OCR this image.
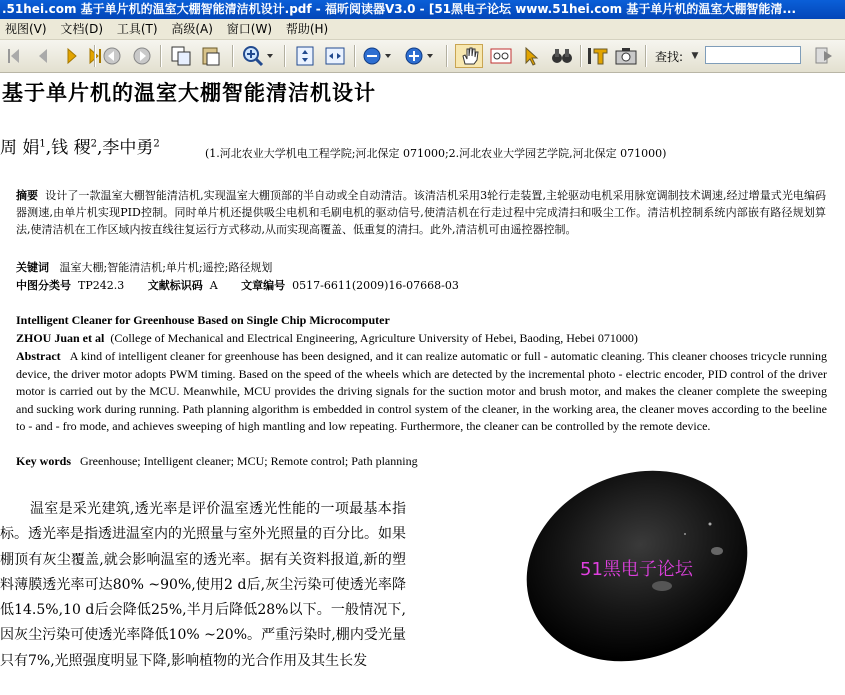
.51hei.com 基于单片机的温室大棚智能清洁机设计.pdf - 福昕阅读器V3.0 - [51黑电子论坛 www.51hei.com 基于单片机的温室大棚智能清...
视图(V) 文档(D) 工具(T) 高级(A) 窗口(W) 帮助(H)
查找: ▼
基于单片机的温室大棚智能清洁机设计
周 娟$^1$,钱 稷$^2$,李中勇$^2$
(1.河北农业大学机电工程学院;河北保定 071000;2.河北农业大学园艺学院,河北保定 071000)
摘要 设计了一款温室大棚智能清洁机,实现温室大棚顶部的半自动或全自动清洁。该清洁机采用3轮行走装置,主轮驱动电机采用脉宽调制技术调速,经过增量式光电编码器测速,由单片机实现PID控制。同时单片机还提供吸尘电机和毛刷电机的驱动信号,使清洁机在行走过程中完成清扫和吸尘工作。清洁机控制系统内部嵌有路径规划算法,使清洁机在工作区域内按直线往复运行方式移动,从而实现高覆盖、低重复的清扫。此外,清洁机可由遥控器控制。
关键词 温室大棚;智能清洁机;单片机;遥控;路径规划
中图分类号 TP242.3 文献标识码 A 文章编号 0517-6611(2009)16-07668-03
Intelligent Cleaner for Greenhouse Based on Single Chip Microcomputer
ZHOU Juan et al (College of Mechanical and Electrical Engineering, Agriculture University of Hebei, Baoding, Hebei 071000)
Abstract A kind of intelligent cleaner for greenhouse has been designed, and it can realize automatic or full - automatic cleaning. This cleaner chooses tricycle running device, the driver motor adopts PWM timing. Based on the speed of the wheels which are detected by the incremental photo - electric encoder, PID control of the driver motor is carried out by the MCU. Meanwhile, MCU provides the driving signals for the suction motor and brush motor, and makes the cleaner complete the sweeping and sucking work during running. Path planning algorithm is embedded in control system of the cleaner, in the working area, the cleaner moves according to the beeline to - and - fro mode, and achieves sweeping of high mantling and low repeating. Furthermore, the cleaner can be controlled by the remote device.
Key words Greenhouse; Intelligent cleaner; MCU; Remote control; Path planning
温室是采光建筑,透光率是评价温室透光性能的一项最基本指标。透光率是指透进温室内的光照量与室外光照量的百分比。如果棚顶有灰尘覆盖,就会影响温室的透光率。据有关资料报道,新的塑料薄膜透光率可达80% ~90%,使用2 d后,灰尘污染可使透光率降低14.5%,10 d后会降低25%,半月后降低28%以下。一般情况下,因灰尘污染可使透光率降低10% ~20%。严重污染时,棚内受光量只有7%,光照强度明显下降,影响植物的光合作用及其生长发
51黑电子论坛
